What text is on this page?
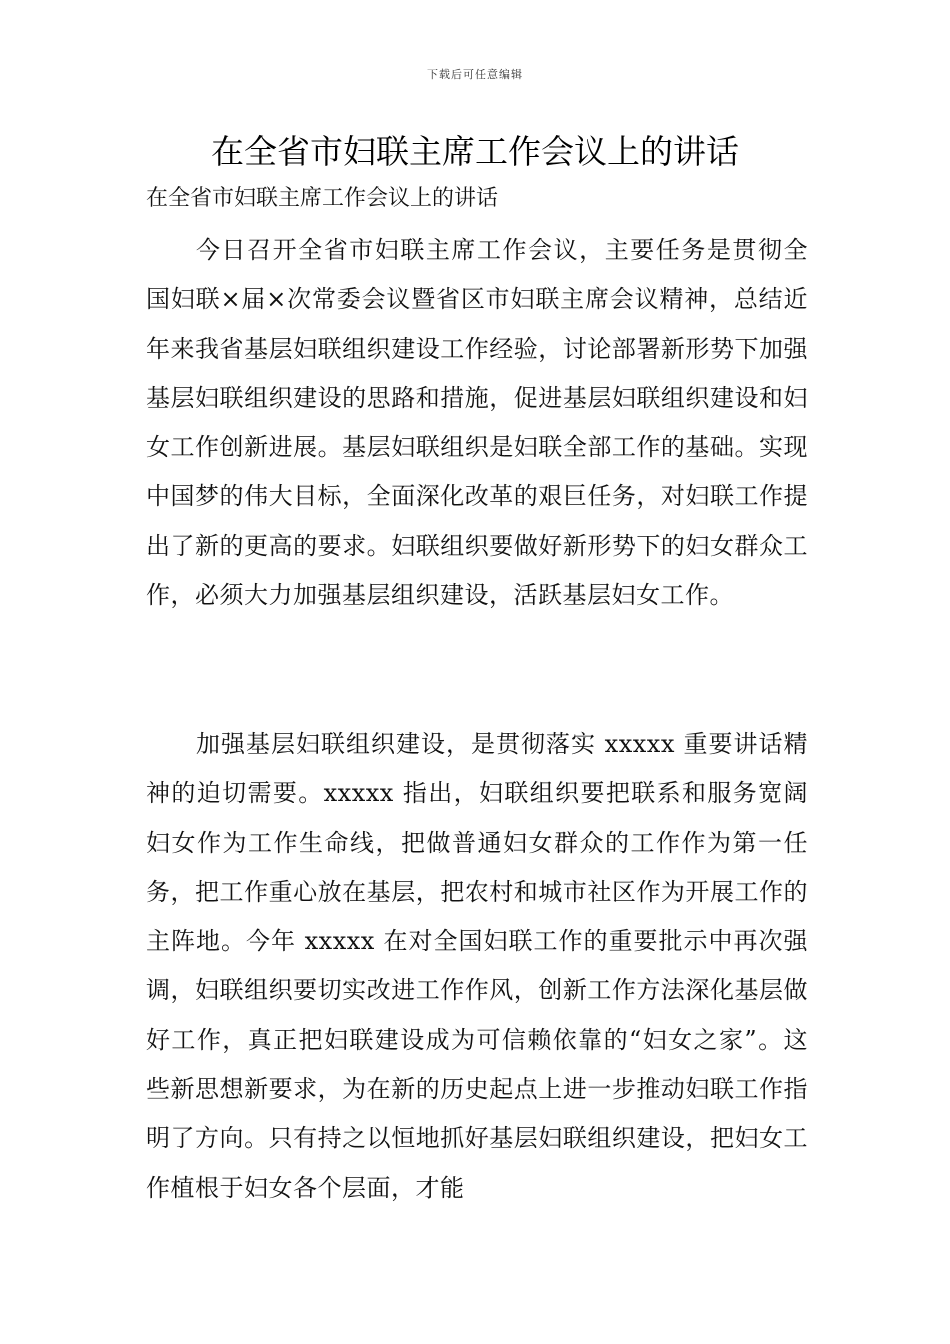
下载后可任意编辑
在全省市妇联主席工作会议上的讲话

在全省市妇联主席工作会议上的讲话

今日召开全省市妇联主席工作会议，主要任务是贯彻全国妇联×届×次常委会议暨省区市妇联主席会议精神，总结近年来我省基层妇联组织建设工作经验，讨论部署新形势下加强基层妇联组织建设的思路和措施，促进基层妇联组织建设和妇女工作创新进展。基层妇联组织是妇联全部工作的基础。实现中国梦的伟大目标，全面深化改革的艰巨任务，对妇联工作提出了新的更高的要求。妇联组织要做好新形势下的妇女群众工作，必须大力加强基层组织建设，活跃基层妇女工作。

加强基层妇联组织建设，是贯彻落实 xxxxx 重要讲话精神的迫切需要。xxxxx 指出，妇联组织要把联系和服务宽阔妇女作为工作生命线，把做普通妇女群众的工作作为第一任务，把工作重心放在基层，把农村和城市社区作为开展工作的主阵地。今年 xxxxx 在对全国妇联工作的重要批示中再次强调，妇联组织要切实改进工作作风，创新工作方法深化基层做好工作，真正把妇联建设成为可信赖依靠的“妇女之家”。这些新思想新要求，为在新的历史起点上进一步推动妇联工作指明了方向。只有持之以恒地抓好基层妇联组织建设，把妇女工作植根于妇女各个层面，才能
